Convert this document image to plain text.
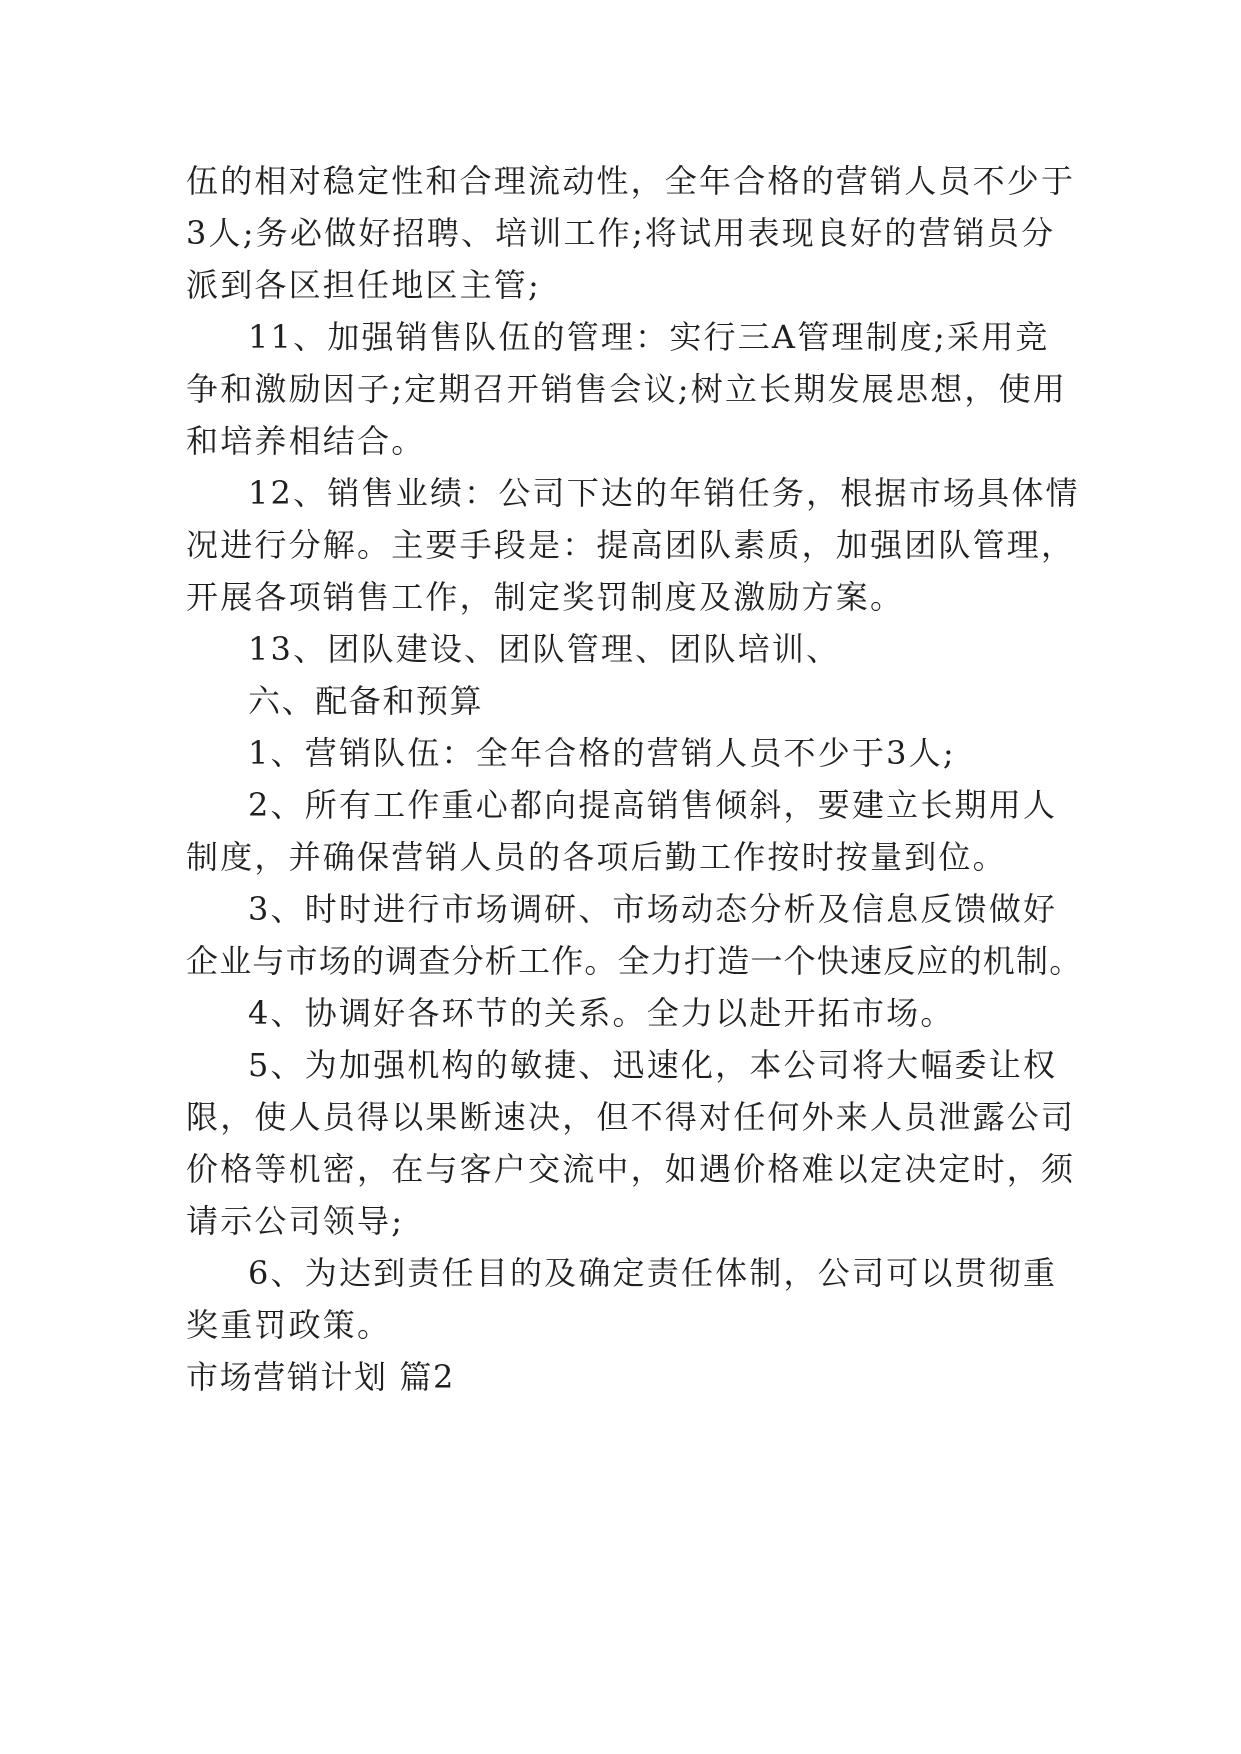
伍的相对稳定性和合理流动性，全年合格的营销人员不少于
3人;务必做好招聘、培训工作;将试用表现良好的营销员分
派到各区担任地区主管;
11、加强销售队伍的管理：实行三A管理制度;采用竞
争和激励因子;定期召开销售会议;树立长期发展思想，使用
和培养相结合。
12、销售业绩：公司下达的年销任务，根据市场具体情
况进行分解。主要手段是：提高团队素质，加强团队管理，
开展各项销售工作，制定奖罚制度及激励方案。
13、团队建设、团队管理、团队培训、
六、配备和预算
1、营销队伍：全年合格的营销人员不少于3人;
2、所有工作重心都向提高销售倾斜，要建立长期用人
制度，并确保营销人员的各项后勤工作按时按量到位。
3、时时进行市场调研、市场动态分析及信息反馈做好
企业与市场的调查分析工作。全力打造一个快速反应的机制。
4、协调好各环节的关系。全力以赴开拓市场。
5、为加强机构的敏捷、迅速化，本公司将大幅委让权
限，使人员得以果断速决，但不得对任何外来人员泄露公司
价格等机密，在与客户交流中，如遇价格难以定决定时，须
请示公司领导;
6、为达到责任目的及确定责任体制，公司可以贯彻重
奖重罚政策。
市场营销计划 篇2
